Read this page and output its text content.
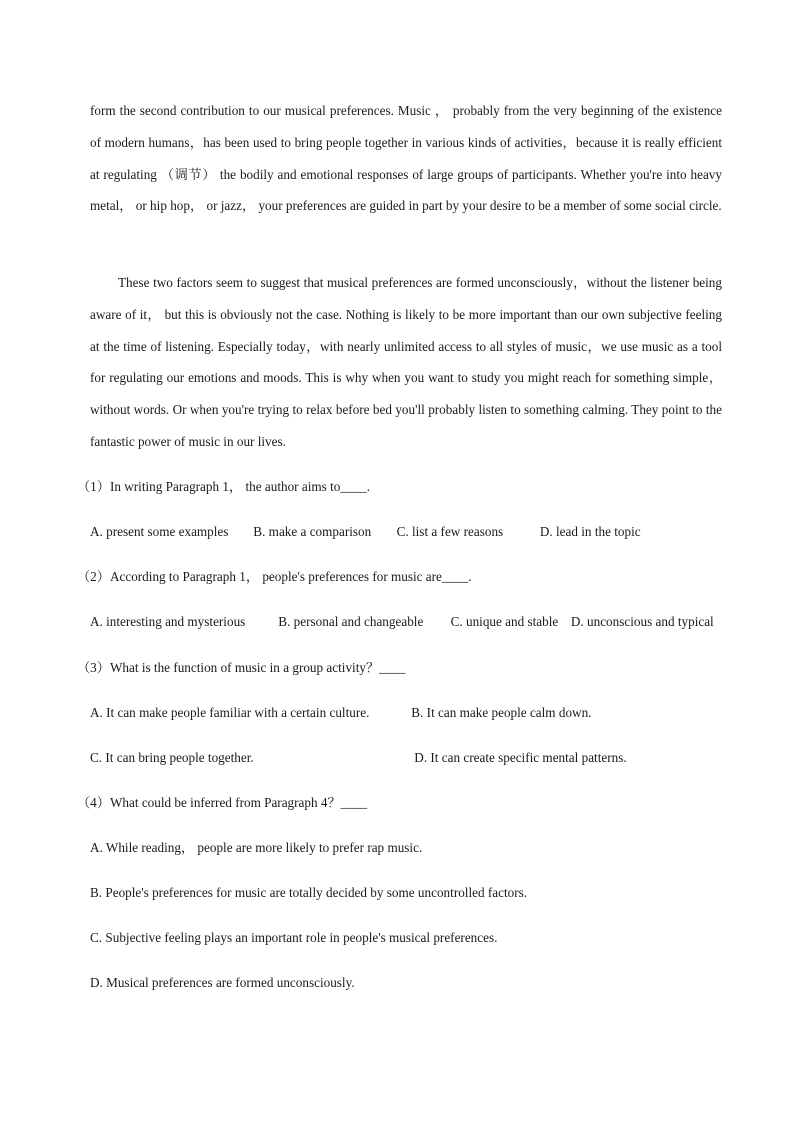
form the second contribution to our musical preferences. Music ， probably from the very beginning of the existence of modern humans，has been used to bring people together in various kinds of activities，because it is really efficient at regulating （调节） the bodily and emotional responses of large groups of participants. Whether you're into heavy metal， or hip hop， or jazz， your preferences are guided in part by your desire to be a member of some social circle.

These two factors seem to suggest that musical preferences are formed unconsciously，without the listener being aware of it， but this is obviously not the case. Nothing is likely to be more important than our own subjective feeling at the time of listening. Especially today，with nearly unlimited access to all styles of music，we use music as a tool for regulating our emotions and moods. This is why when you want to study you might reach for something simple， without words. Or when you're trying to relax before bed you'll probably listen to something calming. They point to the fantastic power of music in our lives.

（1）In writing Paragraph 1， the author aims to____.
A. present some examples B. make a comparison C. list a few reasons	D. lead in the topic
（2）According to Paragraph 1， people's preferences for music are____.
A. interesting and mysterious	B. personal and changeable C. unique and stable D. unconscious and typical
（3）What is the function of music in a group activity？____
A. It can make people familiar with a certain culture.	B. It can make people calm down.
C. It can bring people together.	D. It can create specific mental patterns.
（4）What could be inferred from Paragraph 4？____
A. While reading， people are more likely to prefer rap music.
B. People's preferences for music are totally decided by some uncontrolled factors.
C. Subjective feeling plays an important role in people's musical preferences.
D. Musical preferences are formed unconsciously.
